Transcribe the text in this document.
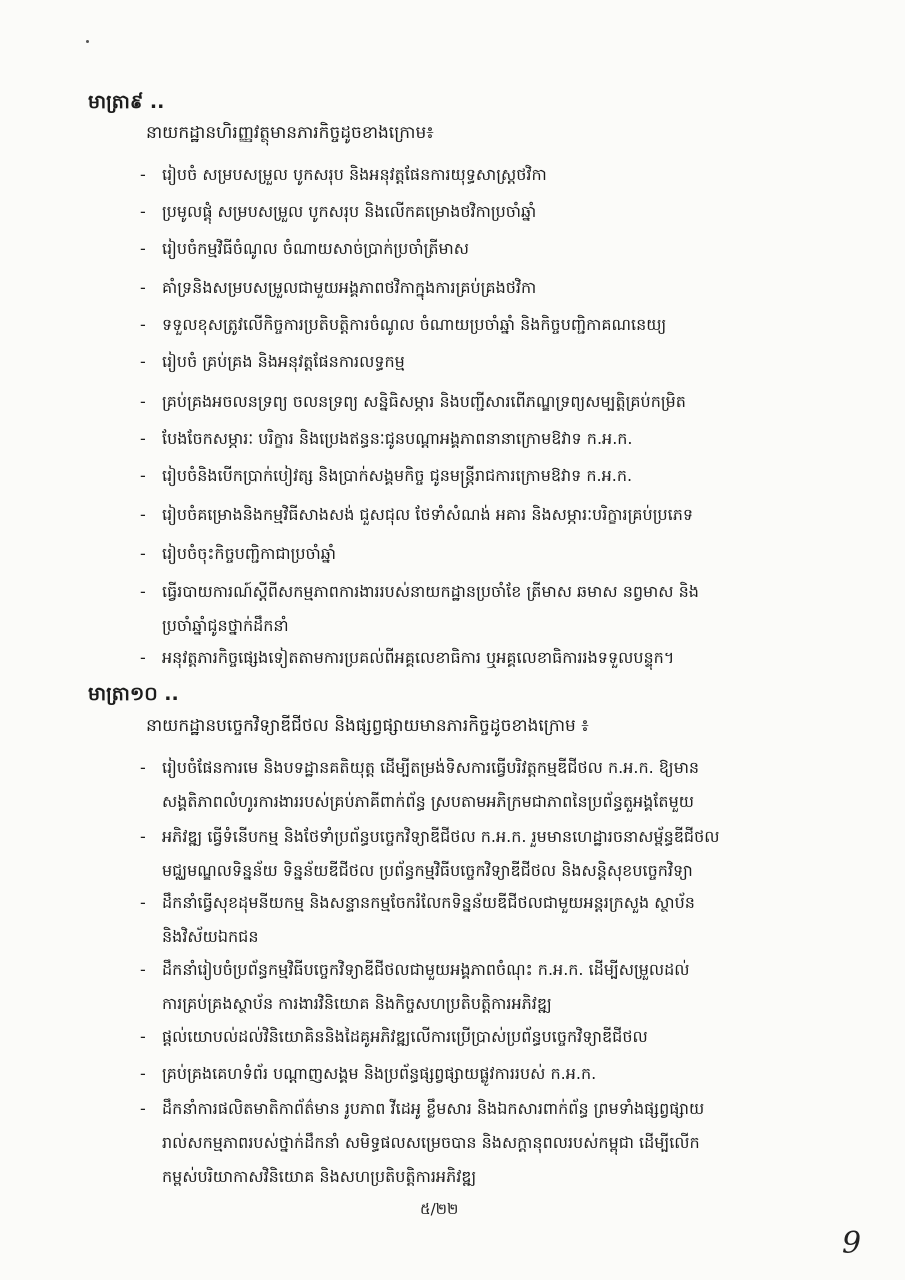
មាត្រា៩ ..
នាយកដ្ឋានហិរញ្ញវត្ថុមានភារកិច្ចដូចខាងក្រោម៖
- រៀបចំ សម្របសម្រួល បូកសរុប និងអនុវត្តផែនការយុទ្ធសាស្ត្រថវិកា
- ប្រមូលផ្តុំ សម្របសម្រួល បូកសរុប និងលើកគម្រោងថវិកាប្រចាំឆ្នាំ
- រៀបចំកម្មវិធីចំណូល ចំណាយសាច់ប្រាក់ប្រចាំត្រីមាស
- គាំទ្រនិងសម្របសម្រួលជាមួយអង្គភាពថវិកាក្នុងការគ្រប់គ្រងថវិកា
- ទទួលខុសត្រូវលើកិច្ចការប្រតិបត្តិការចំណូល ចំណាយប្រចាំឆ្នាំ និងកិច្ចបញ្ជិកាគណនេយ្យ
- រៀបចំ គ្រប់គ្រង និងអនុវត្តផែនការលទ្ធកម្ម
- គ្រប់គ្រងអចលនទ្រព្យ ចលនទ្រព្យ សន្និធិសម្ភារ និងបញ្ជីសារពើភណ្ឌទ្រព្យសម្បត្តិគ្រប់កម្រិត
- បែងចែកសម្ភារៈ បរិក្ខារ និងប្រេងឥន្ធនៈជូនបណ្តាអង្គភាពនានាក្រោមឱវាទ ក.អ.ក.
- រៀបចំនិងបើកប្រាក់បៀវត្ស និងប្រាក់សង្គមកិច្ច ជូនមន្ត្រីរាជការក្រោមឱវាទ ក.អ.ក.
- រៀបចំគម្រោងនិងកម្មវិធីសាងសង់ ជួសជុល ថែទាំសំណង់ អគារ និងសម្ភារៈបរិក្ខារគ្រប់ប្រភេទ
- រៀបចំចុះកិច្ចបញ្ជិកាជាប្រចាំឆ្នាំ
- ធ្វើរបាយការណ៍ស្តីពីសកម្មភាពការងាររបស់នាយកដ្ឋានប្រចាំខែ ត្រីមាស ឆមាស នព្វមាស និង
ប្រចាំឆ្នាំជូនថ្នាក់ដឹកនាំ
- អនុវត្តភារកិច្ចផ្សេងទៀតតាមការប្រគល់ពីអគ្គលេខាធិការ ឬអគ្គលេខាធិការរងទទួលបន្ទុក។
មាត្រា១០ ..
នាយកដ្ឋានបច្ចេកវិទ្យាឌីជីថល និងផ្សព្វផ្សាយមានភារកិច្ចដូចខាងក្រោម ៖
- រៀបចំផែនការមេ និងបទដ្ឋានគតិយុត្ត ដើម្បីតម្រង់ទិសការធ្វើបរិវត្តកម្មឌីជីថល ក.អ.ក. ឱ្យមាន
សង្គតិភាពលំហូរការងាររបស់គ្រប់ភាគីពាក់ព័ន្ធ ស្របតាមអភិក្រមជាភាពនៃប្រព័ន្ធតួអង្គតែមួយ
- អភិវឌ្ឍ ធ្វើទំនើបកម្ម និងថែទាំប្រព័ន្ធបច្ចេកវិទ្យាឌីជីថល ក.អ.ក. រួមមានហេដ្ឋារចនាសម្ព័ន្ធឌីជីថល
មជ្ឈមណ្ឌលទិន្នន័យ ទិន្នន័យឌីជីថល ប្រព័ន្ធកម្មវិធីបច្ចេកវិទ្យាឌីជីថល និងសន្តិសុខបច្ចេកវិទ្យា
- ដឹកនាំធ្វើសុខដុមនីយកម្ម និងសន្ទានកម្មចែករំលែកទិន្នន័យឌីជីថលជាមួយអន្តរក្រសួង ស្ថាប័ន
និងវិស័យឯកជន
- ដឹកនាំរៀបចំប្រព័ន្ធកម្មវិធីបច្ចេកវិទ្យាឌីជីថលជាមួយអង្គភាពចំណុះ ក.អ.ក. ដើម្បីសម្រួលដល់
ការគ្រប់គ្រងស្ថាប័ន ការងារវិនិយោគ និងកិច្ចសហប្រតិបត្តិការអភិវឌ្ឍ
- ផ្តល់យោបល់ដល់វិនិយោគិននិងដៃគូអភិវឌ្ឍលើការប្រើប្រាស់ប្រព័ន្ធបច្ចេកវិទ្យាឌីជីថល
- គ្រប់គ្រងគេហទំព័រ បណ្តាញសង្គម និងប្រព័ន្ធផ្សព្វផ្សាយផ្លូវការរបស់ ក.អ.ក.
- ដឹកនាំការផលិតមាតិកាព័ត៌មាន រូបភាព វីដេអូ ខ្លឹមសារ និងឯកសារពាក់ព័ន្ធ ព្រមទាំងផ្សព្វផ្សាយ
រាល់សកម្មភាពរបស់ថ្នាក់ដឹកនាំ សមិទ្ធផលសម្រេចបាន និងសក្តានុពលរបស់កម្ពុជា ដើម្បីលើក
កម្ពស់បរិយាកាសវិនិយោគ និងសហប្រតិបត្តិការអភិវឌ្ឍ
៥/២២
9
